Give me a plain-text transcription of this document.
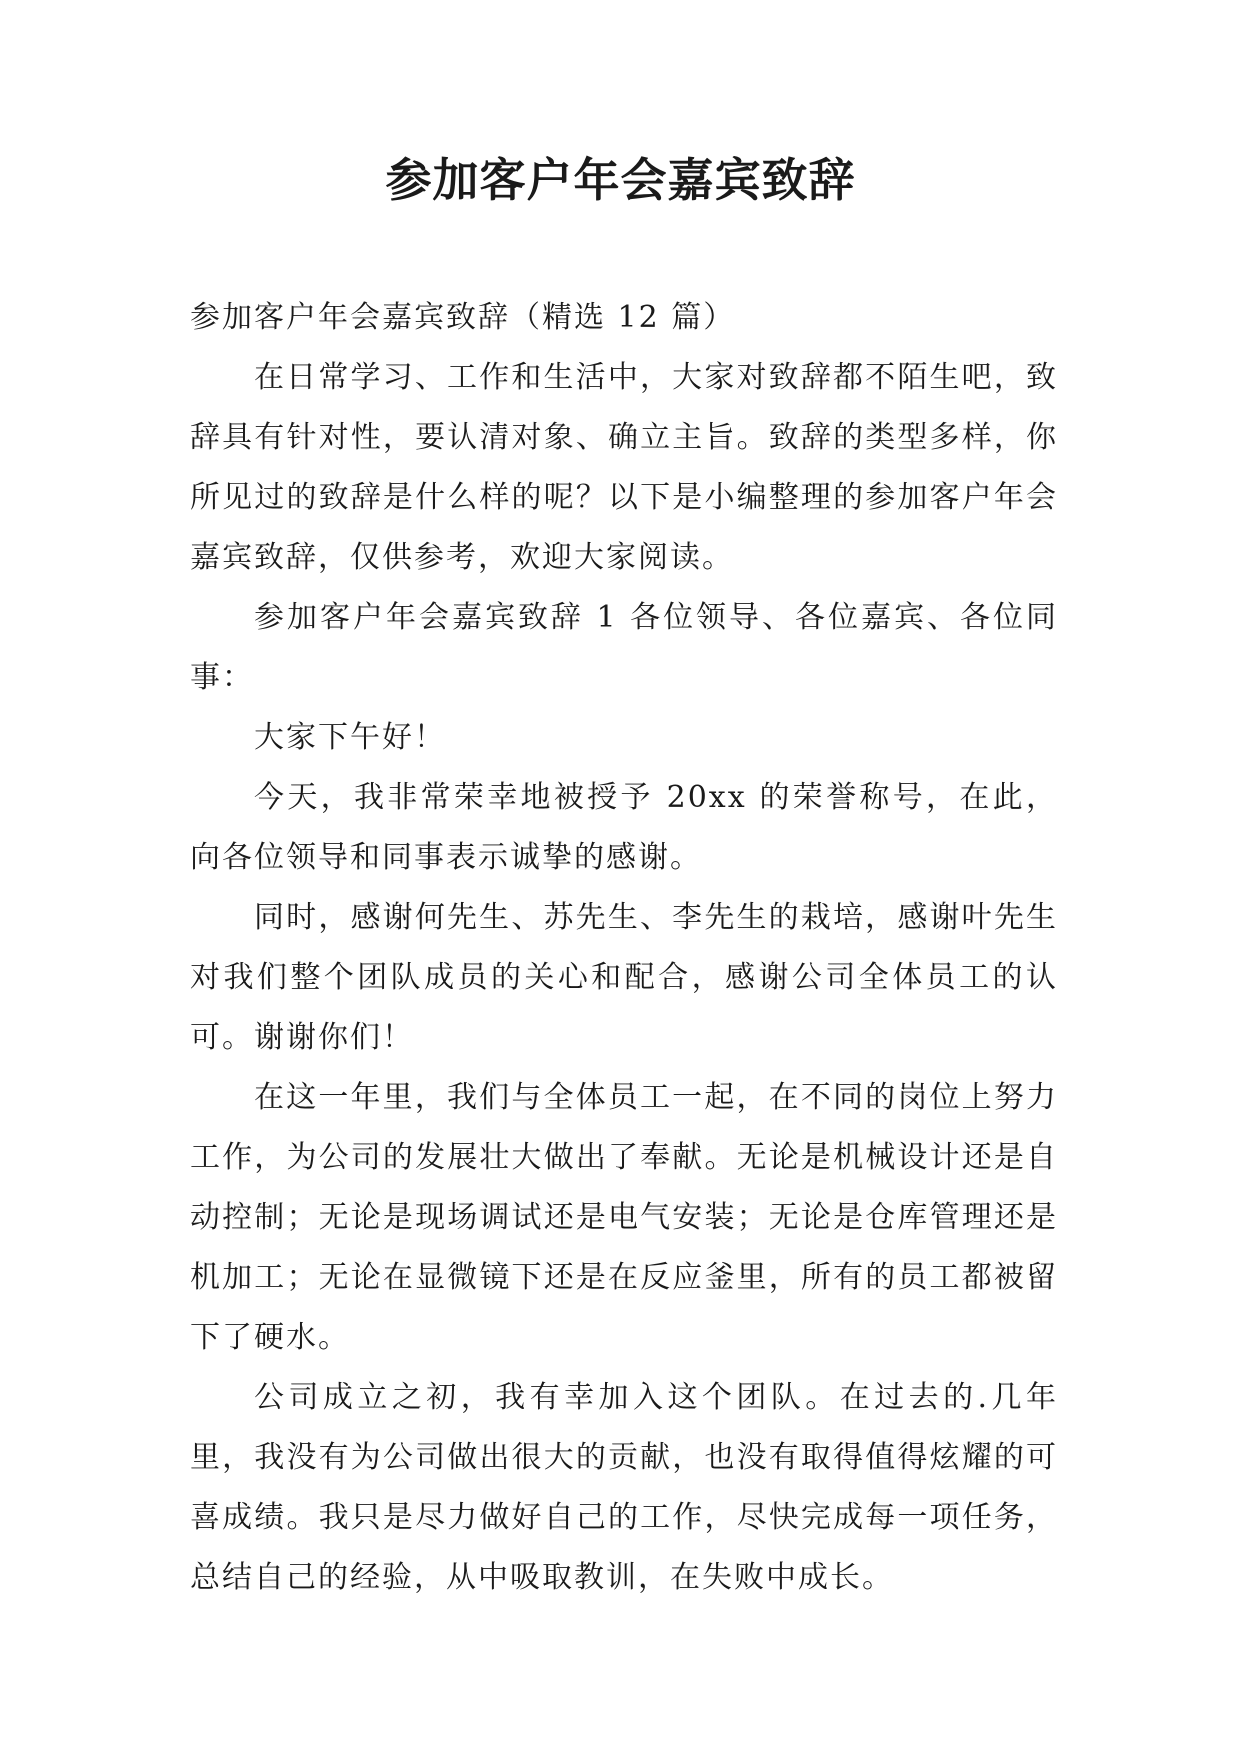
参加客户年会嘉宾致辞

参加客户年会嘉宾致辞（精选 12 篇）

在日常学习、工作和生活中，大家对致辞都不陌生吧，致辞具有针对性，要认清对象、确立主旨。致辞的类型多样，你所见过的致辞是什么样的呢？以下是小编整理的参加客户年会嘉宾致辞，仅供参考，欢迎大家阅读。

参加客户年会嘉宾致辞 1 各位领导、各位嘉宾、各位同事：

大家下午好！

今天，我非常荣幸地被授予 20xx 的荣誉称号，在此，向各位领导和同事表示诚挚的感谢。

同时，感谢何先生、苏先生、李先生的栽培，感谢叶先生对我们整个团队成员的关心和配合，感谢公司全体员工的认可。谢谢你们！

在这一年里，我们与全体员工一起，在不同的岗位上努力工作，为公司的发展壮大做出了奉献。无论是机械设计还是自动控制；无论是现场调试还是电气安装；无论是仓库管理还是机加工；无论在显微镜下还是在反应釜里，所有的员工都被留下了硬水。

公司成立之初，我有幸加入这个团队。在过去的.几年里，我没有为公司做出很大的贡献，也没有取得值得炫耀的可喜成绩。我只是尽力做好自己的工作，尽快完成每一项任务，总结自己的经验，从中吸取教训，在失败中成长。
